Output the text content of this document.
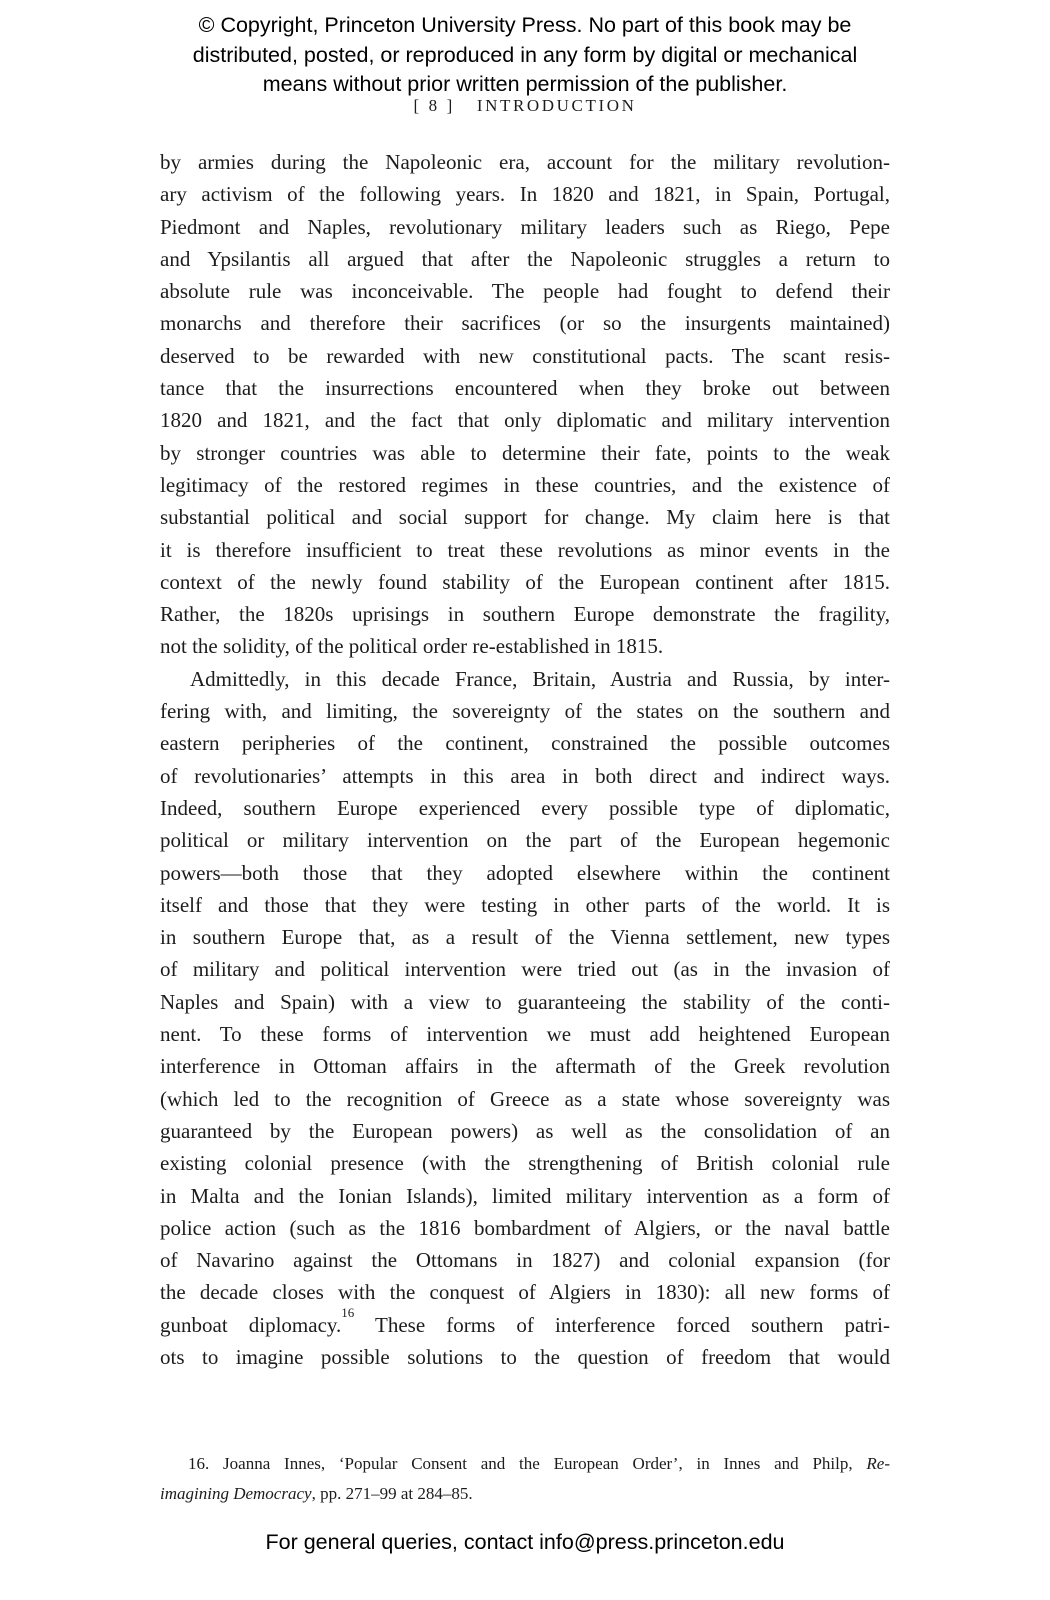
© Copyright, Princeton University Press. No part of this book may be
distributed, posted, or reproduced in any form by digital or mechanical
means without prior written permission of the publisher.
[ 8 ] INTRODUCTION
by armies during the Napoleonic era, account for the military revolution-
ary activism of the following years. In 1820 and 1821, in Spain, Portugal,
Piedmont and Naples, revolutionary military leaders such as Riego, Pepe
and Ypsilantis all argued that after the Napoleonic struggles a return to
absolute rule was inconceivable. The people had fought to defend their
monarchs and therefore their sacrifices (or so the insurgents maintained)
deserved to be rewarded with new constitutional pacts. The scant resis-
tance that the insurrections encountered when they broke out between
1820 and 1821, and the fact that only diplomatic and military intervention
by stronger countries was able to determine their fate, points to the weak
legitimacy of the restored regimes in these countries, and the existence of
substantial political and social support for change. My claim here is that
it is therefore insufficient to treat these revolutions as minor events in the
context of the newly found stability of the European continent after 1815.
Rather, the 1820s uprisings in southern Europe demonstrate the fragility,
not the solidity, of the political order re-established in 1815.
Admittedly, in this decade France, Britain, Austria and Russia, by inter-
fering with, and limiting, the sovereignty of the states on the southern and
eastern peripheries of the continent, constrained the possible outcomes
of revolutionaries’ attempts in this area in both direct and indirect ways.
Indeed, southern Europe experienced every possible type of diplomatic,
political or military intervention on the part of the European hegemonic
powers—both those that they adopted elsewhere within the continent
itself and those that they were testing in other parts of the world. It is
in southern Europe that, as a result of the Vienna settlement, new types
of military and political intervention were tried out (as in the invasion of
Naples and Spain) with a view to guaranteeing the stability of the conti-
nent. To these forms of intervention we must add heightened European
interference in Ottoman affairs in the aftermath of the Greek revolution
(which led to the recognition of Greece as a state whose sovereignty was
guaranteed by the European powers) as well as the consolidation of an
existing colonial presence (with the strengthening of British colonial rule
in Malta and the Ionian Islands), limited military intervention as a form of
police action (such as the 1816 bombardment of Algiers, or the naval battle
of Navarino against the Ottomans in 1827) and colonial expansion (for
the decade closes with the conquest of Algiers in 1830): all new forms of
gunboat diplomacy.$^{16}$ These forms of interference forced southern patri-
ots to imagine possible solutions to the question of freedom that would
16. Joanna Innes, ‘Popular Consent and the European Order’, in Innes and Philp, Re-
imagining Democracy, pp. 271–99 at 284–85.
For general queries, contact info@press.princeton.edu
